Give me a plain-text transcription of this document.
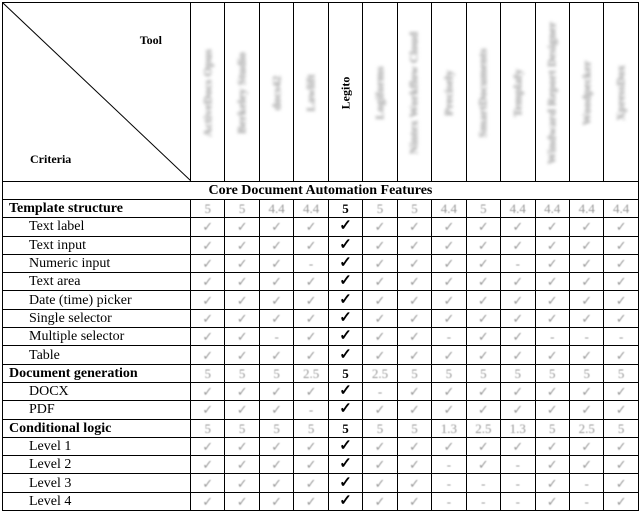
Tool
Criteria	ActiveDocs Opus	Berkeley Studio	docs42	Lawlift	Legito	Logiforms	Nintex Workflow Cloud	Precisely	SmartDocuments	Templafy	Windward Report Designer	Woodpecker	XpressDox

Core Document Automation Features													
Template structure	5	5	4.4	4.4	5	5	5	4.4	5	4.4	4.4	4.4	4.4
Text label	✓	✓	✓	✓	✓	✓	✓	✓	✓	✓	✓	✓	✓
Text input	✓	✓	✓	✓	✓	✓	✓	✓	✓	✓	✓	✓	✓
Numeric input	✓	✓	✓	-	✓	✓	✓	✓	✓	-	✓	✓	✓
Text area	✓	✓	✓	✓	✓	✓	✓	✓	✓	✓	✓	✓	✓
Date (time) picker	✓	✓	✓	✓	✓	✓	✓	✓	✓	✓	✓	✓	✓
Single selector	✓	✓	✓	✓	✓	✓	✓	✓	✓	✓	✓	✓	✓
Multiple selector	✓	✓	-	✓	✓	✓	✓	-	✓	✓	-	-	-
Table	✓	✓	✓	✓	✓	✓	✓	✓	✓	✓	✓	✓	✓
Document generation	5	5	5	2.5	5	2.5	5	5	5	5	5	5	5
DOCX	✓	✓	✓	✓	✓	-	✓	✓	✓	✓	✓	✓	✓
PDF	✓	✓	✓	-	✓	✓	✓	✓	✓	✓	✓	✓	✓
Conditional logic	5	5	5	5	5	5	5	1.3	2.5	1.3	5	2.5	5
Level 1	✓	✓	✓	✓	✓	✓	✓	✓	✓	✓	✓	✓	✓
Level 2	✓	✓	✓	✓	✓	✓	✓	-	✓	-	✓	✓	✓
Level 3	✓	✓	✓	✓	✓	✓	✓	-	-	-	✓	-	✓
Level 4	✓	✓	✓	✓	✓	✓	✓	-	-	-	✓	-	✓
